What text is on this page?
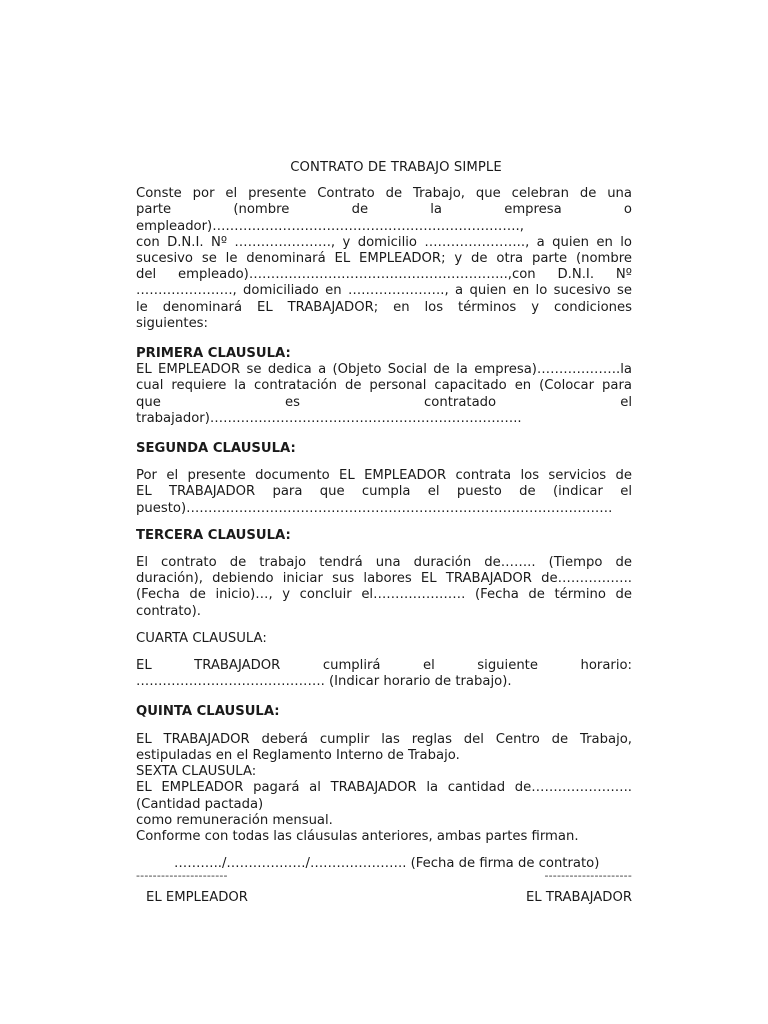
CONTRATO DE TRABAJO SIMPLE
Conste por el presente Contrato de Trabajo, que celebran de una
parte (nombre de la empresa o
empleador)…………………………………………………………….,
con D.N.I. Nº …………………., y domicilio ………………….., a quien en lo
sucesivo se le denominará EL EMPLEADOR; y de otra parte (nombre
del empleado)…………………………………………………..,con D.N.I. Nº
…………………., domiciliado en …………………., a quien en lo sucesivo se
le denominará EL TRABAJADOR; en los términos y condiciones
siguientes:
PRIMERA CLAUSULA:
EL EMPLEADOR se dedica a (Objeto Social de la empresa)……………….la
cual requiere la contratación de personal capacitado en (Colocar para
que es contratado el trabajador)……………………………………………………………..
SEGUNDA CLAUSULA:
Por el presente documento EL EMPLEADOR contrata los servicios de
EL TRABAJADOR para que cumpla el puesto de (indicar el
puesto)…………………………………………………………………………………….
TERCERA CLAUSULA:
El contrato de trabajo tendrá una duración de…….. (Tiempo de
duración), debiendo iniciar sus labores EL TRABAJADOR de……………..
(Fecha de inicio)…, y concluir el………………… (Fecha de término de
contrato).
CUARTA CLAUSULA:
EL TRABAJADOR cumplirá el siguiente horario:
……………………………………. (Indicar horario de trabajo).
QUINTA CLAUSULA:
EL TRABAJADOR deberá cumplir las reglas del Centro de Trabajo,
estipuladas en el Reglamento Interno de Trabajo.
SEXTA CLAUSULA:
EL EMPLEADOR pagará al TRABAJADOR la cantidad de…………………..
(Cantidad pactada)
como remuneración mensual.
Conforme con todas las cláusulas anteriores, ambas partes firman.
………../………………/…………………. (Fecha de firma de contrato)
----------------------
EL EMPLEADOR
---------------------
EL TRABAJADOR
